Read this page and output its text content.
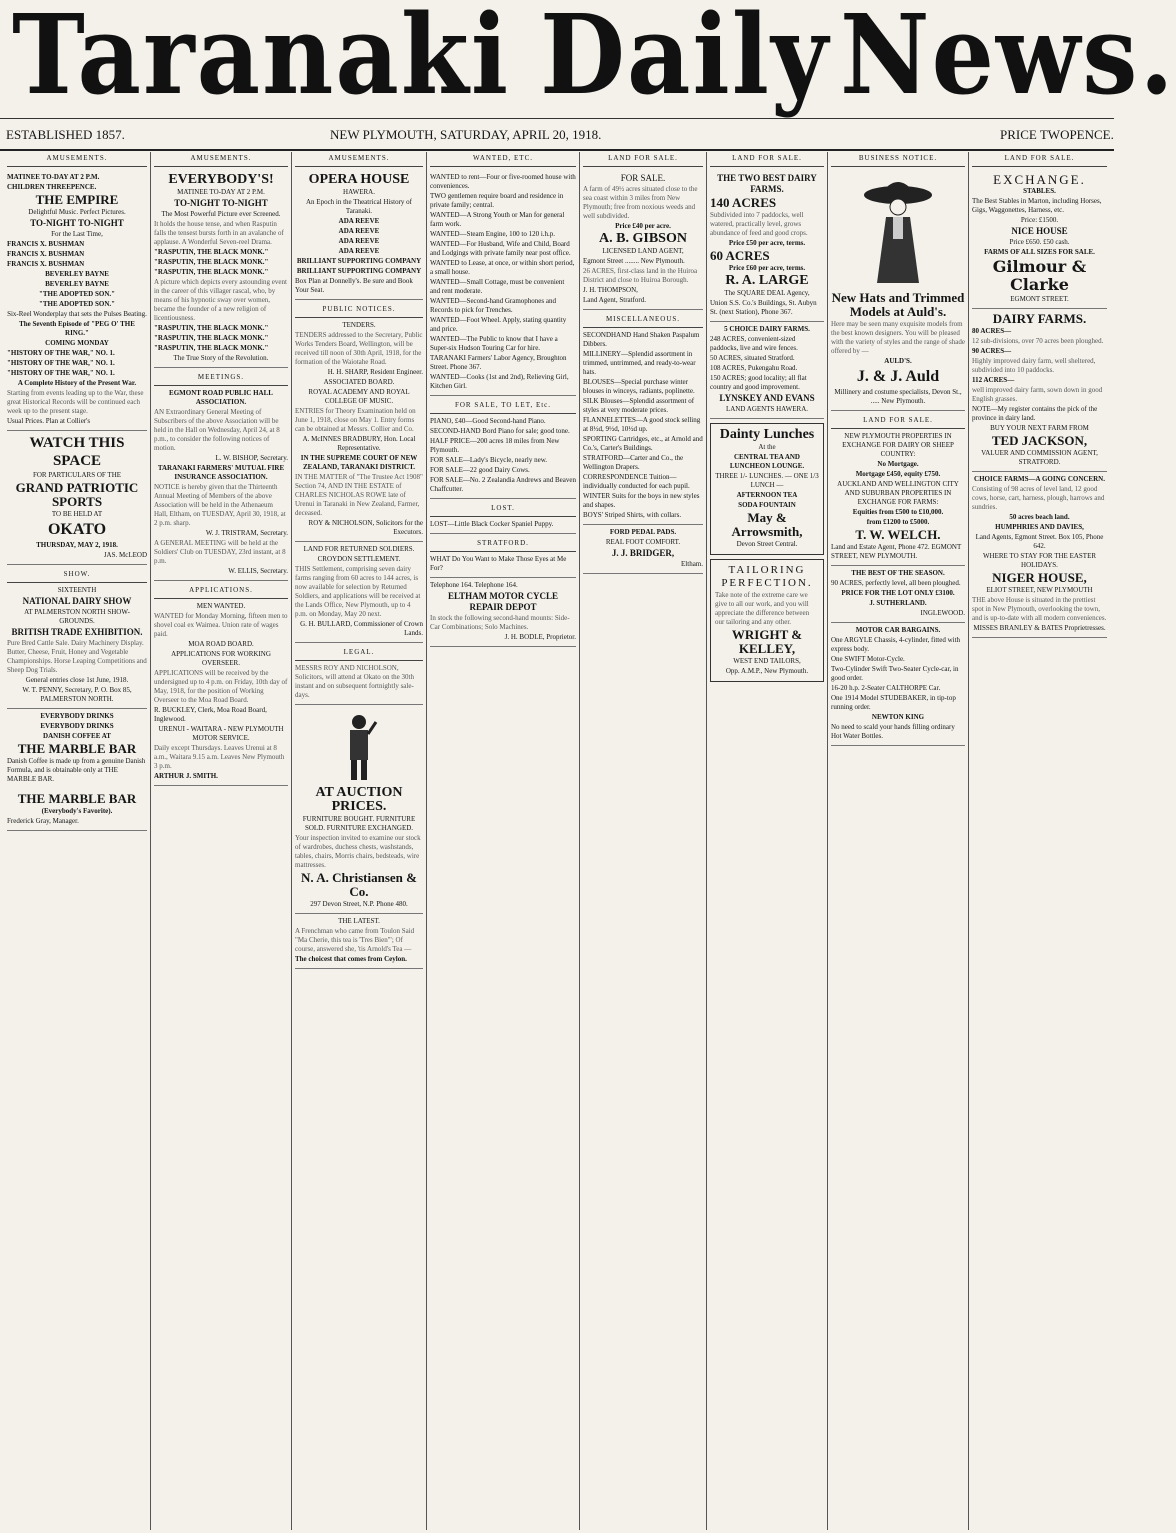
Taranaki Daily News.
ESTABLISHED 1857.	NEW PLYMOUTH, SATURDAY, APRIL 20, 1918.	PRICE TWOPENCE.
AMUSEMENTS.

MATINEE TO-DAY AT 2 P.M.

CHILDREN THREEPENCE.

THE EMPIRE

Delightful Music. Perfect Pictures.

TO-NIGHT TO-NIGHT

For the Last Time,

FRANCIS X. BUSHMAN

FRANCIS X. BUSHMAN

FRANCIS X. BUSHMAN

BEVERLEY BAYNE

BEVERLEY BAYNE

"THE ADOPTED SON."

"THE ADOPTED SON."

Six-Reel Wonderplay that sets the Pulses Beating.

The Seventh Episode of "PEG O' THE RING."

COMING MONDAY

"HISTORY OF THE WAR," NO. 1.

"HISTORY OF THE WAR," NO. 1.

"HISTORY OF THE WAR," NO. 1.

A Complete History of the Present War.

Starting from events leading up to the War, these great Historical Records will be continued each week up to the present stage.

Usual Prices. Plan at Collier's

WATCH THIS SPACE

FOR PARTICULARS OF THE

GRAND PATRIOTIC SPORTS

TO BE HELD AT

OKATO

THURSDAY, MAY 2, 1918.

JAS. McLEOD

SHOW.

SIXTEENTH

NATIONAL DAIRY SHOW

AT PALMERSTON NORTH SHOW-GROUNDS.

BRITISH TRADE EXHIBITION.

Pure Bred Cattle Sale. Dairy Machinery Display. Butter, Cheese, Fruit, Honey and Vegetable Championships. Horse Leaping Competitions and Sheep Dog Trials.

General entries close 1st June, 1918.

W. T. PENNY, Secretary, P. O. Box 85, PALMERSTON NORTH.

EVERYBODY DRINKS

EVERYBODY DRINKS

DANISH COFFEE AT

THE MARBLE BAR

Danish Coffee is made up from a genuine Danish Formula, and is obtainable only at THE MARBLE BAR.

THE MARBLE BAR

(Everybody's Favorite).

Frederick Gray, Manager.

AMUSEMENTS.

EVERYBODY'S!

MATINEE TO-DAY AT 2 P.M.

TO-NIGHT TO-NIGHT

The Most Powerful Picture ever Screened.

It holds the house tense, and when Rasputin falls the tensest bursts forth in an avalanche of applause. A Wonderful Seven-reel Drama.

"RASPUTIN, THE BLACK MONK."

"RASPUTIN, THE BLACK MONK."

"RASPUTIN, THE BLACK MONK."

A picture which depicts every astounding event in the career of this villager rascal, who, by means of his hypnotic sway over women, became the founder of a new religion of licentiousness.

"RASPUTIN, THE BLACK MONK."

"RASPUTIN, THE BLACK MONK."

"RASPUTIN, THE BLACK MONK."

The True Story of the Revolution.

MEETINGS.

EGMONT ROAD PUBLIC HALL ASSOCIATION.

AN Extraordinary General Meeting of Subscribers of the above Association will be held in the Hall on Wednesday, April 24, at 8 p.m., to consider the following notices of motion.

L. W. BISHOP, Secretary.

TARANAKI FARMERS' MUTUAL FIRE INSURANCE ASSOCIATION.

NOTICE is hereby given that the Thirteenth Annual Meeting of Members of the above Association will be held in the Athenaeum Hall, Eltham, on TUESDAY, April 30, 1918, at 2 p.m. sharp.

W. J. TRISTRAM, Secretary.

A GENERAL MEETING will be held at the Soldiers' Club on TUESDAY, 23rd instant, at 8 p.m.

W. ELLIS, Secretary.

APPLICATIONS.

MEN WANTED.

WANTED for Monday Morning, fifteen men to shovel coal ex Waimea. Union rate of wages paid.

MOA ROAD BOARD.

APPLICATIONS FOR WORKING OVERSEER.

APPLICATIONS will be received by the undersigned up to 4 p.m. on Friday, 10th day of May, 1918, for the position of Working Overseer to the Moa Road Board.

R. BUCKLEY, Clerk, Moa Road Board, Inglewood.

URENUI - WAITARA - NEW PLYMOUTH MOTOR SERVICE.

Daily except Thursdays. Leaves Urenui at 8 a.m., Waitara 9.15 a.m. Leaves New Plymouth 3 p.m.

ARTHUR J. SMITH.

AMUSEMENTS.

OPERA HOUSE

HAWERA.

An Epoch in the Theatrical History of Taranaki.

ADA REEVE

ADA REEVE

ADA REEVE

ADA REEVE

BRILLIANT SUPPORTING COMPANY

BRILLIANT SUPPORTING COMPANY

Box Plan at Donnelly's. Be sure and Book Your Seat.

PUBLIC NOTICES.

TENDERS.

TENDERS addressed to the Secretary, Public Works Tenders Board, Wellington, will be received till noon of 30th April, 1918, for the formation of the Waiotahe Road.

H. H. SHARP, Resident Engineer.

ASSOCIATED BOARD.

ROYAL ACADEMY AND ROYAL COLLEGE OF MUSIC.

ENTRIES for Theory Examination held on June 1, 1918, close on May 1. Entry forms can be obtained at Messrs. Collier and Co.

A. McINNES BRADBURY, Hon. Local Representative.

IN THE SUPREME COURT OF NEW ZEALAND, TARANAKI DISTRICT.

IN THE MATTER of "The Trustee Act 1908" Section 74, AND IN THE ESTATE of CHARLES NICHOLAS ROWE late of Urenui in Taranaki in New Zealand, Farmer, deceased.

ROY & NICHOLSON, Solicitors for the Executors.

LAND FOR RETURNED SOLDIERS.

CROYDON SETTLEMENT.

THIS Settlement, comprising seven dairy farms ranging from 60 acres to 144 acres, is now available for selection by Returned Soldiers, and applications will be received at the Lands Office, New Plymouth, up to 4 p.m. on Monday, May 20 next.

G. H. BULLARD, Commissioner of Crown Lands.

LEGAL.

MESSRS ROY AND NICHOLSON, Solicitors, will attend at Okato on the 30th instant and on subsequent fortnightly sale-days.

AT AUCTION PRICES.

FURNITURE BOUGHT. FURNITURE SOLD. FURNITURE EXCHANGED.

Your inspection invited to examine our stock of wardrobes, duchess chests, washstands, tables, chairs, Morris chairs, bedsteads, wire mattresses.

N. A. Christiansen & Co.

297 Devon Street, N.P. Phone 480.

THE LATEST.

A Frenchman who came from Toulon Said "Ma Cherie, this tea is 'Tres Bien'"; Of course, answered she, 'tis Arnold's Tea —

The choicest that comes from Ceylon.

WANTED, ETC.

WANTED to rent—Four or five-roomed house with conveniences.

TWO gentlemen require board and residence in private family; central.

WANTED—A Strong Youth or Man for general farm work.

WANTED—Steam Engine, 100 to 120 i.h.p.

WANTED—For Husband, Wife and Child, Board and Lodgings with private family near post office.

WANTED to Lease, at once, or within short period, a small house.

WANTED—Small Cottage, must be convenient and rent moderate.

WANTED—Second-hand Gramophones and Records to pick for Trenches.

WANTED—Foot Wheel. Apply, stating quantity and price.

WANTED—The Public to know that I have a Super-six Hudson Touring Car for hire.

TARANAKI Farmers' Labor Agency, Broughton Street. Phone 367.

WANTED—Cooks (1st and 2nd), Relieving Girl, Kitchen Girl.

FOR SALE, TO LET, Etc.

PIANO, £40—Good Second-hand Piano.

SECOND-HAND Bord Piano for sale; good tone.

HALF PRICE—200 acres 18 miles from New Plymouth.

FOR SALE—Lady's Bicycle, nearly new.

FOR SALE—22 good Dairy Cows.

FOR SALE—No. 2 Zealandia Andrews and Beaven Chaffcutter.

LOST.

LOST—Little Black Cocker Spaniel Puppy.

STRATFORD.

WHAT Do You Want to Make Those Eyes at Me For?

Telephone 164. Telephone 164.

ELTHAM MOTOR CYCLE REPAIR DEPOT

In stock the following second-hand mounts: Side-Car Combinations; Solo Machines.

J. H. BODLE, Proprietor.

LAND FOR SALE.

FOR SALE.

A farm of 49½ acres situated close to the sea coast within 3 miles from New Plymouth; free from noxious weeds and well subdivided.

Price £40 per acre.

A. B. GIBSON

LICENSED LAND AGENT,

Egmont Street ........ New Plymouth.

26 ACRES, first-class land in the Huiroa District and close to Huiroa Borough.

J. H. THOMPSON,

Land Agent, Stratford.

MISCELLANEOUS.

SECONDHAND Hand Shaken Paspalum Dibbers.

MILLINERY—Splendid assortment in trimmed, untrimmed, and ready-to-wear hats.

BLOUSES—Special purchase winter blouses in winceys, radiants, poplinette.

SILK Blouses—Splendid assortment of styles at very moderate prices.

FLANNELETTES—A good stock selling at 8½d, 9½d, 10½d up.

SPORTING Cartridges, etc., at Arnold and Co.'s, Carter's Buildings.

STRATFORD—Carter and Co., the Wellington Drapers.

CORRESPONDENCE Tuition—individually conducted for each pupil.

WINTER Suits for the boys in new styles and shapes.

BOYS' Striped Shirts, with collars.

FORD PEDAL PADS.

REAL FOOT COMFORT.

J. J. BRIDGER,

Eltham.

LAND FOR SALE.

THE TWO BEST DAIRY FARMS.

140 ACRES

Subdivided into 7 paddocks, well watered, practically level, grows abundance of feed and good crops.

Price £50 per acre, terms.

60 ACRES

Price £60 per acre, terms.

R. A. LARGE

The SQUARE DEAL Agency,

Union S.S. Co.'s Buildings, St. Aubyn St. (next Station), Phone 367.

5 CHOICE DAIRY FARMS.

248 ACRES, convenient-sized paddocks, live and wire fences.

50 ACRES, situated Stratford.

108 ACRES, Pukengahu Road.

150 ACRES; good locality; all flat country and good improvement.

LYNSKEY AND EVANS

LAND AGENTS HAWERA.

Dainty Lunches

At the

CENTRAL TEA AND LUNCHEON LOUNGE.

THREE 1/- LUNCHES. — ONE 1/3 LUNCH —

AFTERNOON TEA

SODA FOUNTAIN

May & Arrowsmith,

Devon Street Central.

TAILORING PERFECTION.

Take note of the extreme care we give to all our work, and you will appreciate the difference between our tailoring and any other.

WRIGHT & KELLEY,

WEST END TAILORS,

Opp. A.M.P., New Plymouth.

BUSINESS NOTICE.

New Hats and Trimmed Models at Auld's.

Here may be seen many exquisite models from the best known designers. You will be pleased with the variety of styles and the range of shade offered by —

AULD'S.

J. & J. Auld

Millinery and costume specialists, Devon St., ..... New Plymouth.

LAND FOR SALE.

NEW PLYMOUTH PROPERTIES IN EXCHANGE FOR DAIRY OR SHEEP COUNTRY:

No Mortgage.

Mortgage £450, equity £750.

AUCKLAND AND WELLINGTON CITY AND SUBURBAN PROPERTIES IN EXCHANGE FOR FARMS:

Equities from £500 to £10,000.

from £1200 to £5000.

T. W. WELCH.

Land and Estate Agent, Phone 472. EGMONT STREET, NEW PLYMOUTH.

THE BEST OF THE SEASON.

90 ACRES, perfectly level, all been ploughed.

PRICE FOR THE LOT ONLY £3100.

J. SUTHERLAND.

INGLEWOOD.

MOTOR CAR BARGAINS.

One ARGYLE Chassis, 4-cylinder, fitted with express body.

One SWIFT Motor-Cycle.

Two-Cylinder Swift Two-Seater Cycle-car, in good order.

16-20 h.p. 2-Seater CALTHORPE Car.

One 1914 Model STUDEBAKER, in tip-top running order.

NEWTON KING

No need to scald your hands filling ordinary Hot Water Bottles.

LAND FOR SALE.

EXCHANGE.

STABLES.

The Best Stables in Marton, including Horses, Gigs, Waggonettes, Harness, etc.

Price: £1500.

NICE HOUSE

Price £650. £50 cash.

FARMS OF ALL SIZES FOR SALE.

Gilmour & Clarke

EGMONT STREET.

DAIRY FARMS.

80 ACRES—

12 sub-divisions, over 70 acres been ploughed.

90 ACRES—

Highly improved dairy farm, well sheltered, subdivided into 10 paddocks.

112 ACRES—

well improved dairy farm, sown down in good English grasses.

NOTE—My register contains the pick of the province in dairy land.

BUY YOUR NEXT FARM FROM

TED JACKSON,

VALUER AND COMMISSION AGENT, STRATFORD.

CHOICE FARMS—A GOING CONCERN.

Consisting of 98 acres of level land, 12 good cows, horse, cart, harness, plough, harrows and sundries.

50 acres beach land.

HUMPHRIES AND DAVIES,

Land Agents, Egmont Street. Box 105, Phone 642.

WHERE TO STAY FOR THE EASTER HOLIDAYS.

NIGER HOUSE,

ELIOT STREET, NEW PLYMOUTH

THE above House is situated in the prettiest spot in New Plymouth, overlooking the town, and is up-to-date with all modern conveniences.

MISSES BRANLEY & BATES Proprietresses.
